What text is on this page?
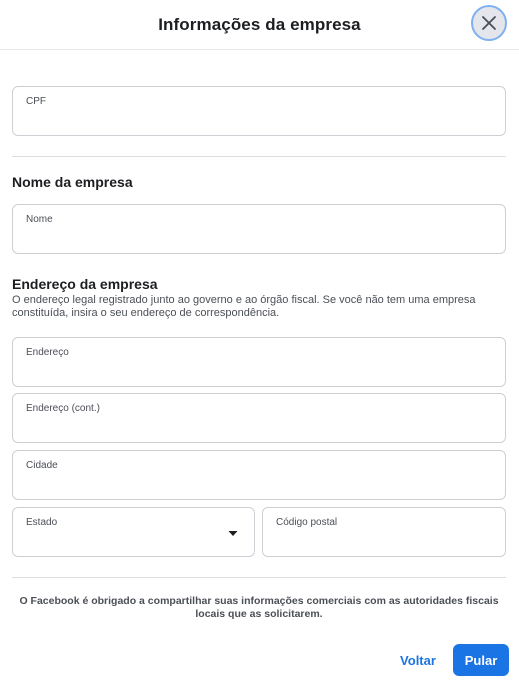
Informações da empresa
CPF
Nome da empresa
Nome
Endereço da empresa
O endereço legal registrado junto ao governo e ao órgão fiscal. Se você não tem uma empresa constituída, insira o seu endereço de correspondência.
Endereço
Endereço (cont.)
Cidade
Estado	Código postal
O Facebook é obrigado a compartilhar suas informações comerciais com as autoridades fiscais locais que as solicitarem.
Voltar	Pular
